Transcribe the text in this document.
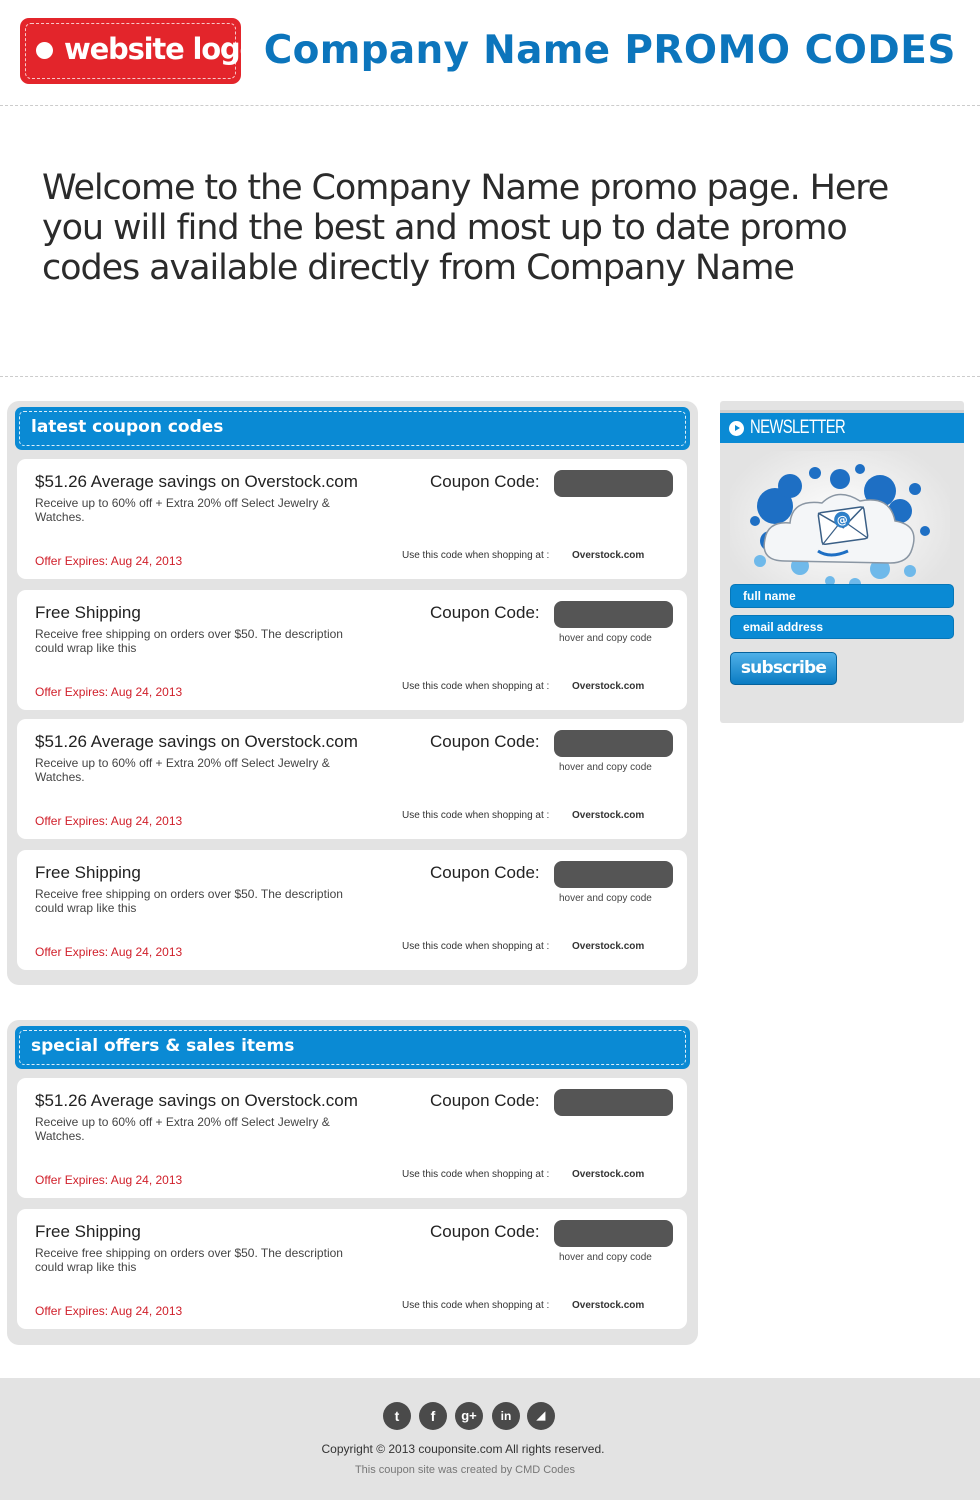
website logo Company Name PROMO CODES
Welcome to the Company Name promo page. Here you will find the best and most up to date promo codes available directly from Company Name
latest coupon codes
$51.26 Average savings on Overstock.com
Receive up to 60% off + Extra 20% off Select Jewelry & Watches.
Coupon Code:
Offer Expires: Aug 24, 2013	Use this code when shopping at : Overstock.com
Free Shipping
Receive free shipping on orders over $50. The description could wrap like this
Coupon Code:
hover and copy code
Offer Expires: Aug 24, 2013	Use this code when shopping at : Overstock.com
$51.26 Average savings on Overstock.com
Receive up to 60% off + Extra 20% off Select Jewelry & Watches.
Coupon Code:
hover and copy code
Offer Expires: Aug 24, 2013	Use this code when shopping at : Overstock.com
Free Shipping
Receive free shipping on orders over $50. The description could wrap like this
Coupon Code:
hover and copy code
Offer Expires: Aug 24, 2013	Use this code when shopping at : Overstock.com
special offers & sales items
$51.26 Average savings on Overstock.com
Receive up to 60% off + Extra 20% off Select Jewelry & Watches.
Coupon Code:
Offer Expires: Aug 24, 2013	Use this code when shopping at : Overstock.com
Free Shipping
Receive free shipping on orders over $50. The description could wrap like this
Coupon Code:
hover and copy code
Offer Expires: Aug 24, 2013	Use this code when shopping at : Overstock.com
NEWSLETTER
@
full name
email address
subscribe
t	f	g+	in	◢
Copyright © 2013 couponsite.com All rights reserved.
This coupon site was created by CMD Codes
